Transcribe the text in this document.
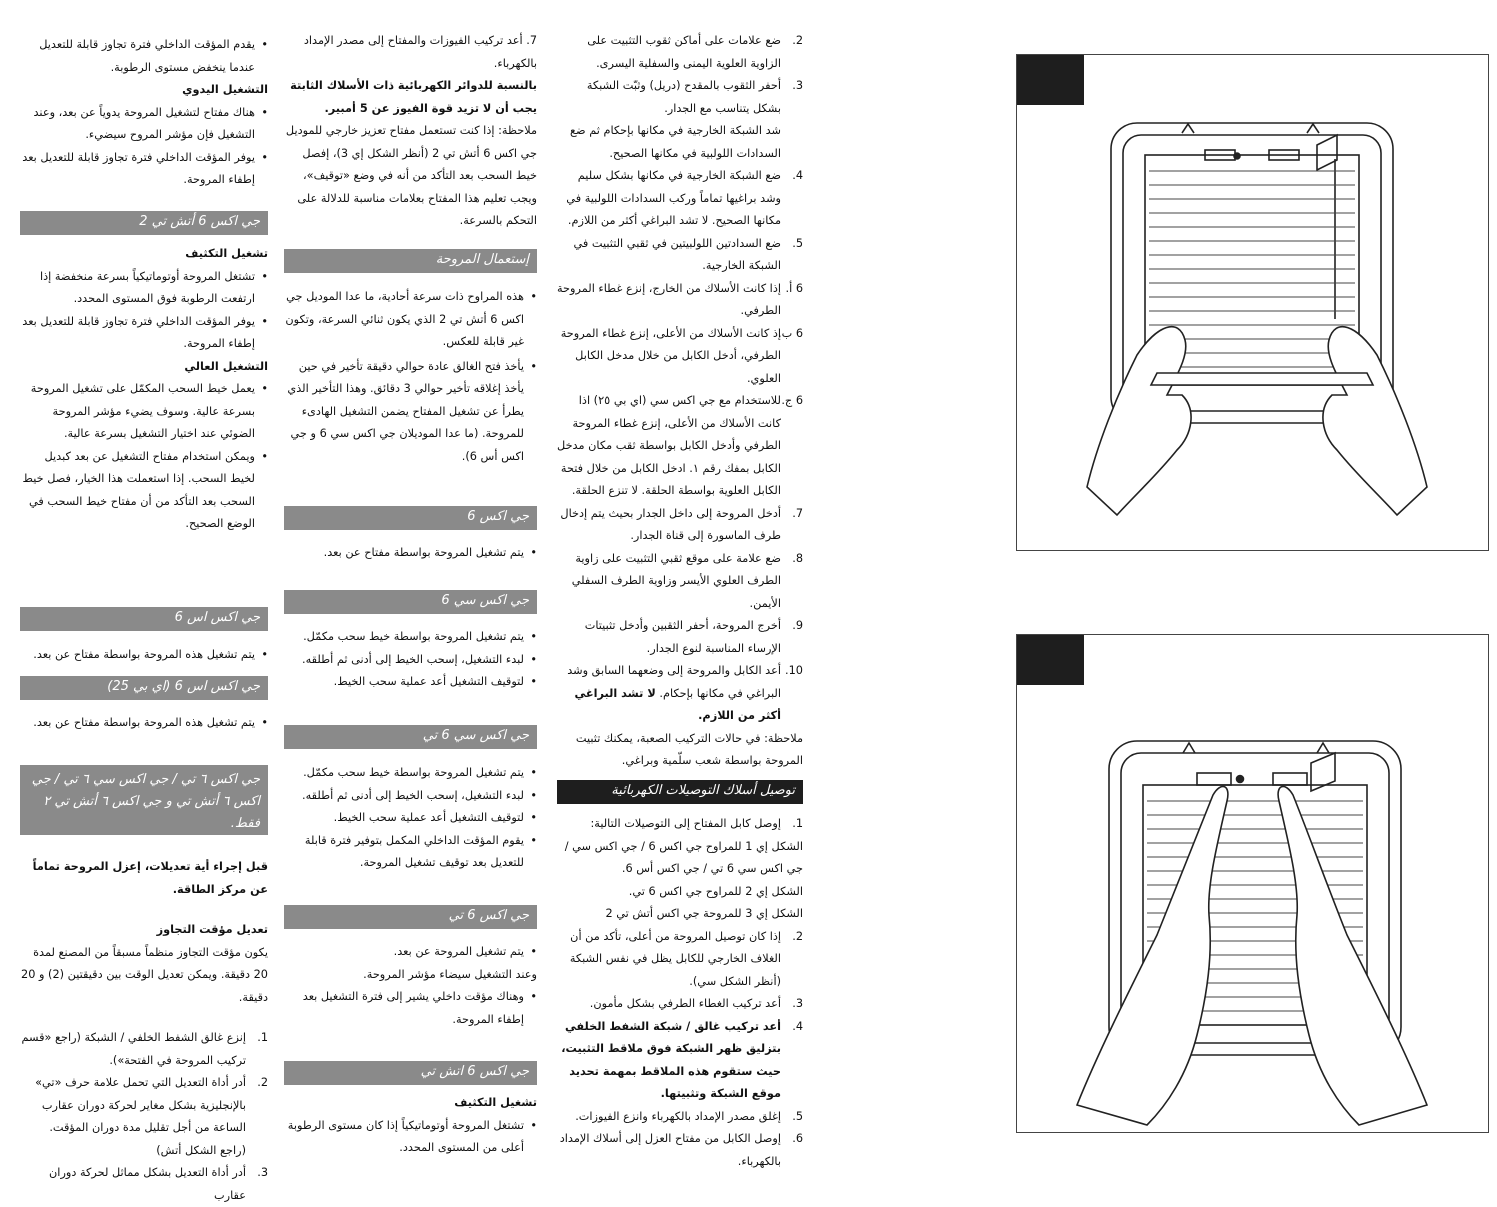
• يقدم المؤقت الداخلي فترة تجاوز قابلة للتعديل عندما ينخفض مستوى الرطوبة.

التشغيل اليدوي

• هناك مفتاح لتشغيل المروحة يدوياً عن بعد، وعند التشغيل فإن مؤشر المروح سيضيء.

• يوفر المؤقت الداخلي فترة تجاوز قابلة للتعديل بعد إطفاء المروحة.

جي اكس 6 أتش تي 2

تشغيل التكثيف

• تشتغل المروحة أوتوماتيكياً بسرعة منخفضة إذا ارتفعت الرطوبة فوق المستوى المحدد.

• يوفر المؤقت الداخلي فترة تجاوز قابلة للتعديل بعد إطفاء المروحة.

التشغيل العالي

• يعمل خيط السحب المكمّل على تشغيل المروحة بسرعة عالية. وسوف يضيء مؤشر المروحة الضوئي عند اختيار التشغيل بسرعة عالية.

• ويمكن استخدام مفتاح التشغيل عن بعد كبديل لخيط السحب. إذا استعملت هذا الخيار، فصل خيط السحب بعد التأكد من أن مفتاح خيط السحب في الوضع الصحيح.

جي اكس اس 6

• يتم تشغيل هذه المروحة بواسطة مفتاح عن بعد.

جي اكس اس 6 (اي بي 25)

• يتم تشغيل هذه المروحة بواسطة مفتاح عن بعد.

جي اكس ٦ تي / جي اكس سي ٦ تي / جي اكس ٦ أتش تي و جي اكس ٦ أتش تي ٢ فقط.

قبل إجراء أية تعديلات، إعزل المروحة تماماً عن مركز الطاقة.

تعديل مؤقت التجاوز

يكون مؤقت التجاوز منظماً مسبقاً من المصنع لمدة 20 دقيقة. ويمكن تعديل الوقت بين دقيقتين (2) و 20 دقيقة.

1.
إنزع غالق الشفط الخلفي / الشبكة (راجع «قسم تركيب المروحة في الفتحة»).

2.
أدر أداة التعديل التي تحمل علامة حرف «تي» بالإنجليزية بشكل مغاير لحركة دوران عقارب الساعة من أجل تقليل مدة دوران المؤقت. (راجع الشكل أتش)

3.
أدر أداة التعديل بشكل مماثل لحركة دوران عقارب

7. أعد تركيب الفيوزات والمفتاح إلى مصدر الإمداد بالكهرباء.

بالنسبة للدوائر الكهربائية ذات الأسلاك الثابتة يجب أن لا تزيد قوة الفيوز عن 5 أمبير.

ملاحظة: إذا كنت تستعمل مفتاح تعزيز خارجي للموديل جي اكس 6 أتش تي 2 (أنظر الشكل إي 3)، إفصل خيط السحب بعد التأكد من أنه في وضع «توقيف»، ويجب تعليم هذا المفتاح بعلامات مناسبة للدلالة على التحكم بالسرعة.

إستعمال المروحة

• هذه المراوح ذات سرعة أحادية، ما عدا الموديل جي اكس 6 أتش تي 2 الذي يكون ثنائي السرعة، وتكون غير قابلة للعكس.

• يأخذ فتح الغالق عادة حوالي دقيقة تأخير في حين يأخذ إغلاقه تأخير حوالي 3 دقائق. وهذا التأخير الذي يطرأ عن تشغيل المفتاح يضمن التشغيل الهادىء للمروحة. (ما عدا الموديلان جي اكس سي 6 و جي اكس أس 6).

جي اكس 6

• يتم تشغيل المروحة بواسطة مفتاح عن بعد.

جي اكس سي 6

• يتم تشغيل المروحة بواسطة خيط سحب مكمّل.

• لبدء التشغيل، إسحب الخيط إلى أدنى ثم أطلقه.

• لتوقيف التشغيل أعد عملية سحب الخيط.

جي اكس سي 6 تي

• يتم تشغيل المروحة بواسطة خيط سحب مكمّل.

• لبدء التشغيل، إسحب الخيط إلى أدنى ثم أطلقه.

• لتوقيف التشغيل أعد عملية سحب الخيط.

• يقوم المؤقت الداخلي المكمل بتوفير فترة قابلة للتعديل بعد توقيف تشغيل المروحة.

جي اكس 6 تي

• يتم تشغيل المروحة عن بعد.

وعند التشغيل سيضاء مؤشر المروحة.

• وهناك مؤقت داخلي يشير إلى فترة التشغيل بعد إطفاء المروحة.

جي اكس 6 اتش تي

تشغيل التكثيف

• تشتغل المروحة أوتوماتيكياً إذا كان مستوى الرطوبة أعلى من المستوى المحدد.

2.
ضع علامات على أماكن ثقوب التثبيت على الزاوية العلوية اليمنى والسفلية اليسرى.

3.
أحفر الثقوب بالمقدح (دريل) وثبّت الشبكة بشكل يتناسب مع الجدار.

شد الشبكة الخارجية في مكانها بإحكام ثم ضع السدادات اللولبية في مكانها الصحيح.

4.
ضع الشبكة الخارجية في مكانها بشكل سليم وشد براغيها تماماً وركب السدادات اللولبية في مكانها الصحيح. لا تشد البراغي أكثر من اللازم.

5.
ضع السدادتين اللولبيتين في ثقبي التثبيت في الشبكة الخارجية.

6 أ.
إذا كانت الأسلاك من الخارج، إنزع غطاء المروحة الطرفي.

6 ب.
إذ كانت الأسلاك من الأعلى، إنزع غطاء المروحة الطرفي، أدخل الكابل من خلال مدخل الكابل العلوي.

6 ج.
للاستخدام مع جي اكس سي (اي بي ٢٥) اذا كانت الأسلاك من الأعلى، إنزع غطاء المروحة الطرفي وأدخل الكابل بواسطة ثقب مكان مدخل الكابل بمفك رقم ١. ادخل الكابل من خلال فتحة الكابل العلوية بواسطة الحلقة. لا تنزع الحلقة.

7.
أدخل المروحة إلى داخل الجدار بحيث يتم إدخال طرف الماسورة إلى قناة الجدار.

8.
ضع علامة على موقع ثقبي التثبيت على زاوية الطرف العلوي الأيسر وزاوية الطرف السفلي الأيمن.

9.
أخرج المروحة، أحفر الثقبين وأدخل تثبيتات الإرساء المناسبة لنوع الجدار.

10.
أعد الكابل والمروحة إلى وضعهما السابق وشد البراغي في مكانها بإحكام. لا تشد البراغي أكثر من اللازم.

ملاحظة: في حالات التركيب الصعبة، يمكنك تثبيت المروحة بواسطة شعب سلّمية وبراغي.

توصيل أسلاك التوصيلات الكهربائية

1.
إوصل كابل المفتاح إلى التوصيلات التالية:

الشكل إي 1 للمراوح جي اكس 6 / جي اكس سي / جي اكس سي 6 تي / جي اكس أس 6.

الشكل إي 2 للمراوح جي اكس 6 تي.

الشكل إي 3 للمروحة جي اكس أتش تي 2

2.
إذا كان توصيل المروحة من أعلى، تأكد من أن الغلاف الخارجي للكابل يظل في نفس الشبكة (أنظر الشكل سي).

3.
أعد تركيب الغطاء الطرفي بشكل مأمون.

4.
أعد تركيب غالق / شبكة الشفط الخلفي بتزليق ظهر الشبكة فوق ملاقط التثبيت، حيث ستقوم هذه الملاقط بمهمة تحديد موقع الشبكة وتثبيتها.

5.
إغلق مصدر الإمداد بالكهرباء وانزع الفيوزات.

6.
إوصل الكابل من مفتاح العزل إلى أسلاك الإمداد بالكهرباء.
